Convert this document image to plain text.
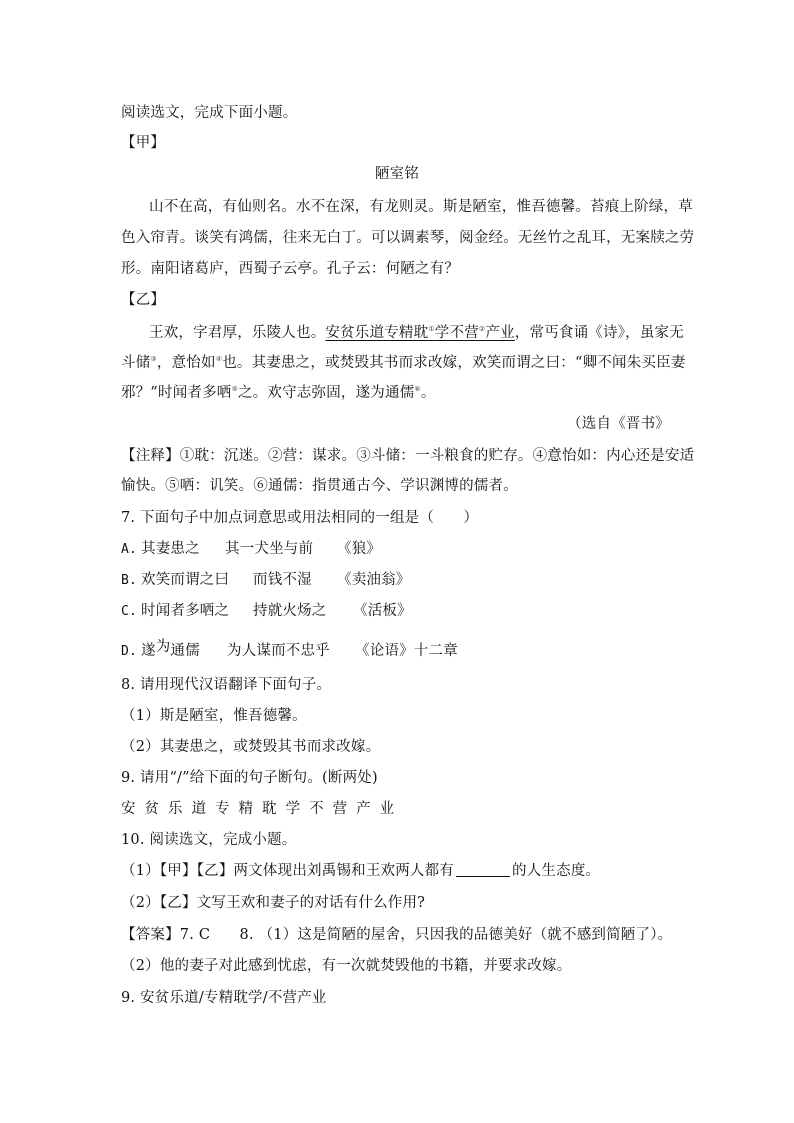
阅读选文，完成下面小题。
【甲】
陋室铭
山不在高，有仙则名。水不在深，有龙则灵。斯是陋室，惟吾德馨。苔痕上阶绿，草
色入帘青。谈笑有鸿儒，往来无白丁。可以调素琴，阅金经。无丝竹之乱耳，无案牍之劳
形。南阳诸葛庐，西蜀子云亭。孔子云：何陋之有？
【乙】
王欢，字君厚，乐陵人也。安贫乐道专精耽①学不营②产业，常丐食诵《诗》，虽家无
斗储③，意怡如④也。其妻患之，或焚毁其书而求改嫁，欢笑而谓之曰：“卿不闻朱买臣妻
邪？”时闻者多哂⑤之。欢守志弥固，遂为通儒⑥。
（选自《晋书》
【注释】①耽：沉迷。②营：谋求。③斗储：一斗粮食的贮存。④意怡如：内心还是安适
愉快。⑤哂：讥笑。⑥通儒：指贯通古今、学识渊博的儒者。
7. 下面句子中加点词意思或用法相同的一组是（　　）
A. 其妻患之 其一犬坐与前 《狼》
B. 欢笑而谓之曰 而钱不湿 《卖油翁》
C. 时闻者多哂之 持就火炀之 《活板》
D. 遂为通儒 为人谋而不忠乎 《论语》十二章
8. 请用现代汉语翻译下面句子。
（1）斯是陋室，惟吾德馨。
（2）其妻患之，或焚毁其书而求改嫁。
9. 请用“/”给下面的句子断句。(断两处)
安 贫 乐 道 专 精 耽 学 不 营 产 业
10. 阅读选文，完成小题。
（1）【甲】【乙】两文体现出刘禹锡和王欢两人都有	的人生态度。
（2）【乙】文写王欢和妻子的对话有什么作用?
【答案】7. C　　8. （1）这是简陋的屋舍，只因我的品德美好（就不感到简陋了）。
（2）他的妻子对此感到忧虑，有一次就焚毁他的书籍，并要求改嫁。
9. 安贫乐道/专精耽学/不营产业
